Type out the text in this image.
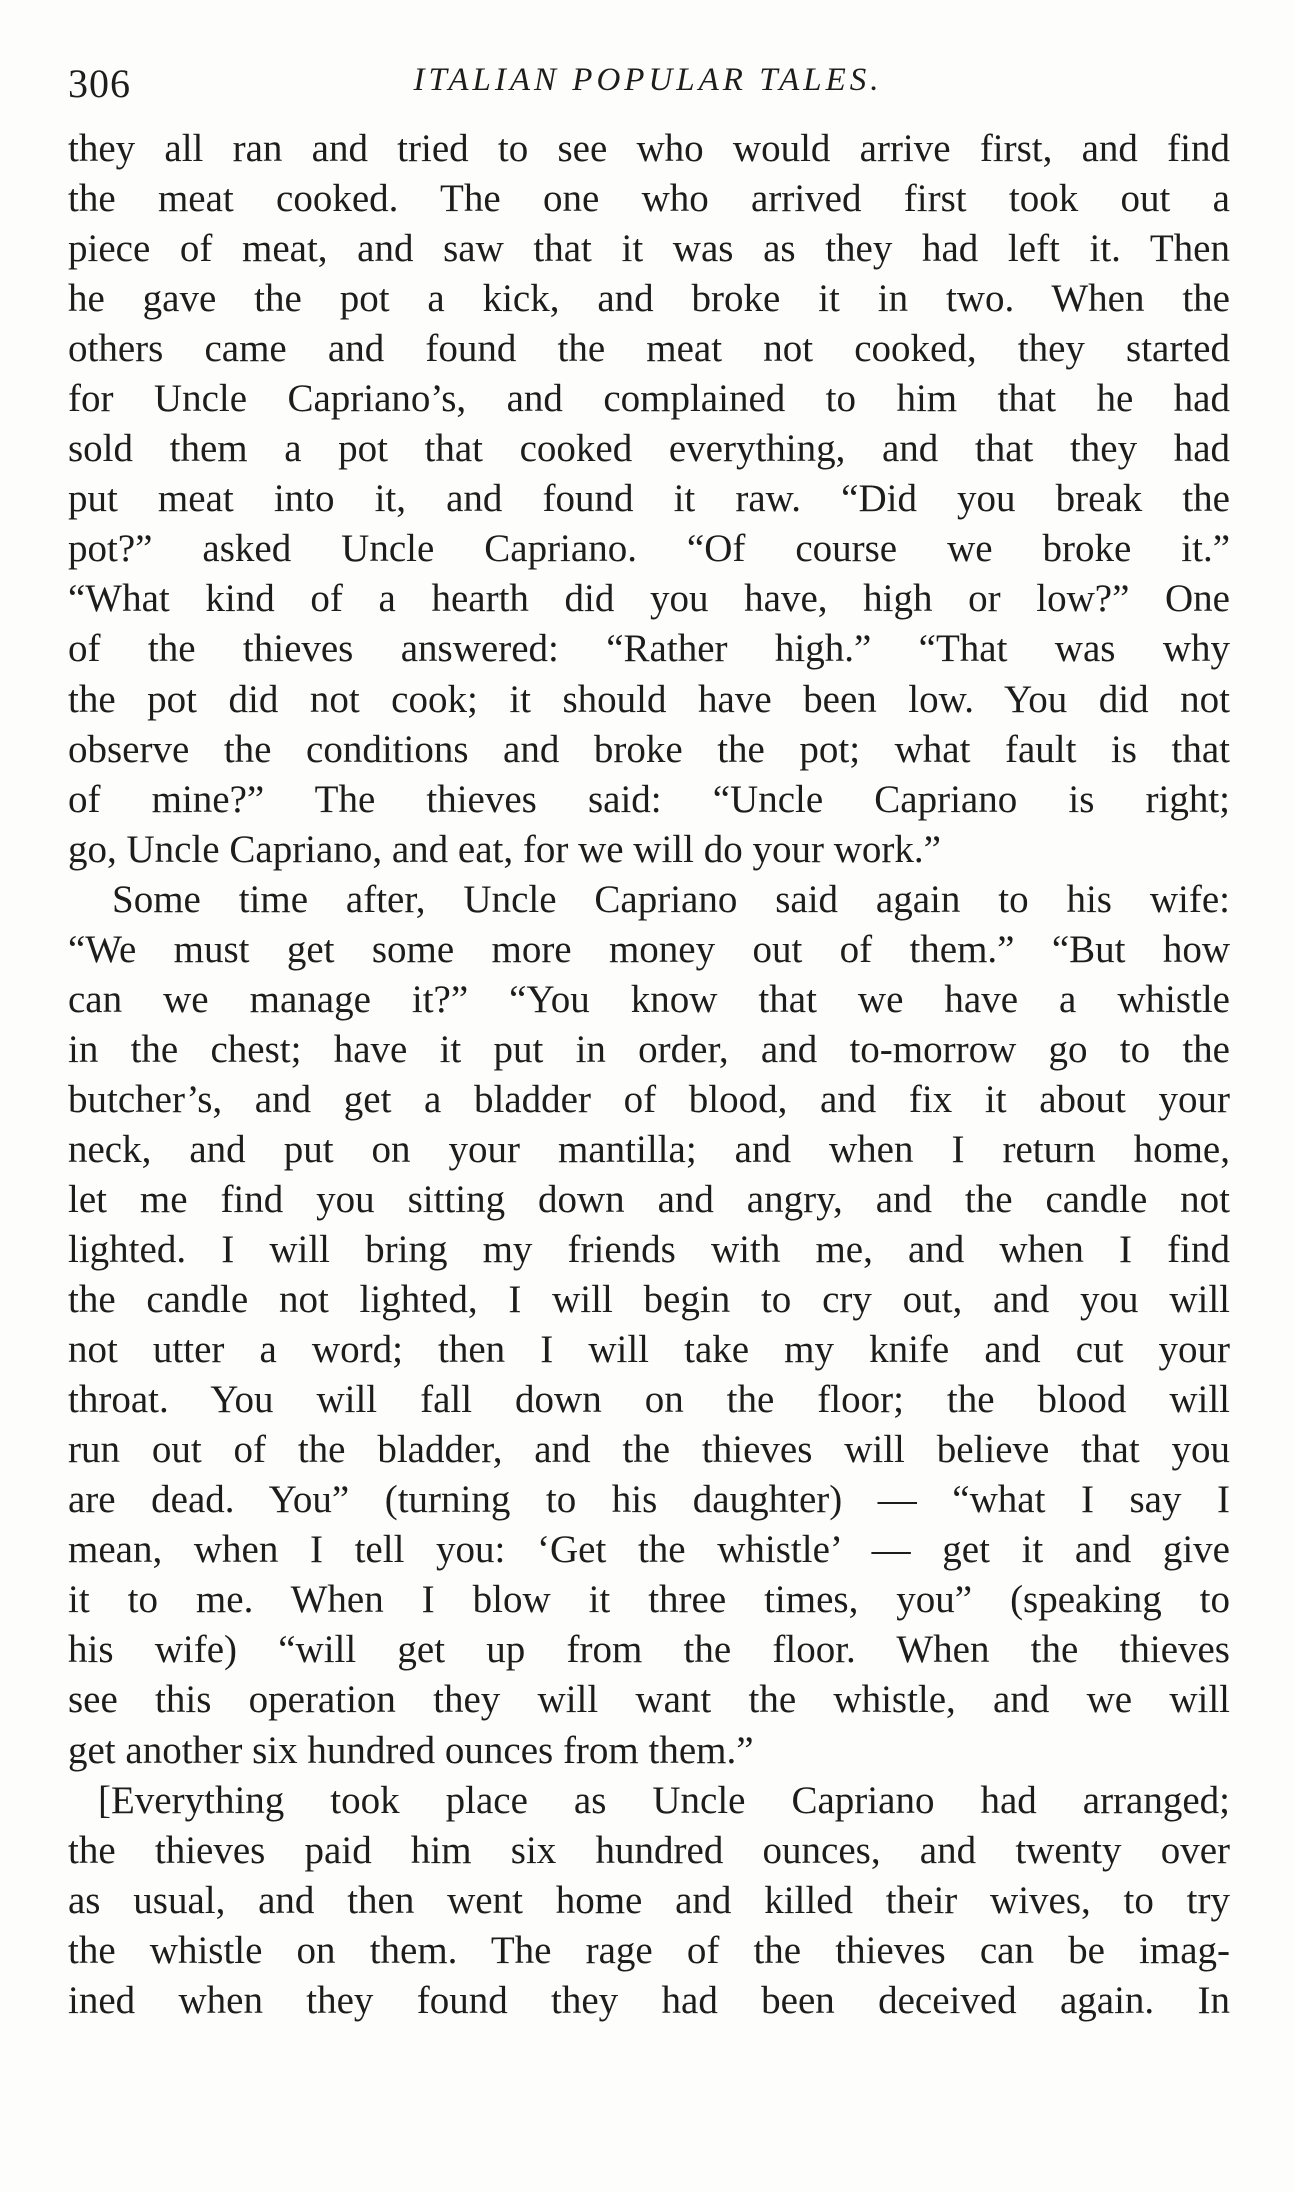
306	ITALIAN POPULAR TALES.
they all ran and tried to see who would arrive first, and find
the meat cooked. The one who arrived first took out a
piece of meat, and saw that it was as they had left it. Then
he gave the pot a kick, and broke it in two. When the
others came and found the meat not cooked, they started
for Uncle Capriano’s, and complained to him that he had
sold them a pot that cooked everything, and that they had
put meat into it, and found it raw. “Did you break the
pot?” asked Uncle Capriano. “Of course we broke it.”
“What kind of a hearth did you have, high or low?” One
of the thieves answered: “Rather high.” “That was why
the pot did not cook; it should have been low. You did not
observe the conditions and broke the pot; what fault is that
of mine?” The thieves said: “Uncle Capriano is right;
go, Uncle Capriano, and eat, for we will do your work.”
Some time after, Uncle Capriano said again to his wife:
“We must get some more money out of them.” “But how
can we manage it?” “You know that we have a whistle
in the chest; have it put in order, and to-morrow go to the
butcher’s, and get a bladder of blood, and fix it about your
neck, and put on your mantilla; and when I return home,
let me find you sitting down and angry, and the candle not
lighted. I will bring my friends with me, and when I find
the candle not lighted, I will begin to cry out, and you will
not utter a word; then I will take my knife and cut your
throat. You will fall down on the floor; the blood will
run out of the bladder, and the thieves will believe that you
are dead. You” (turning to his daughter) — “what I say I
mean, when I tell you: ‘Get the whistle’ — get it and give
it to me. When I blow it three times, you” (speaking to
his wife) “will get up from the floor. When the thieves
see this operation they will want the whistle, and we will
get another six hundred ounces from them.”
[Everything took place as Uncle Capriano had arranged;
the thieves paid him six hundred ounces, and twenty over
as usual, and then went home and killed their wives, to try
the whistle on them. The rage of the thieves can be imag-
ined when they found they had been deceived again. In
